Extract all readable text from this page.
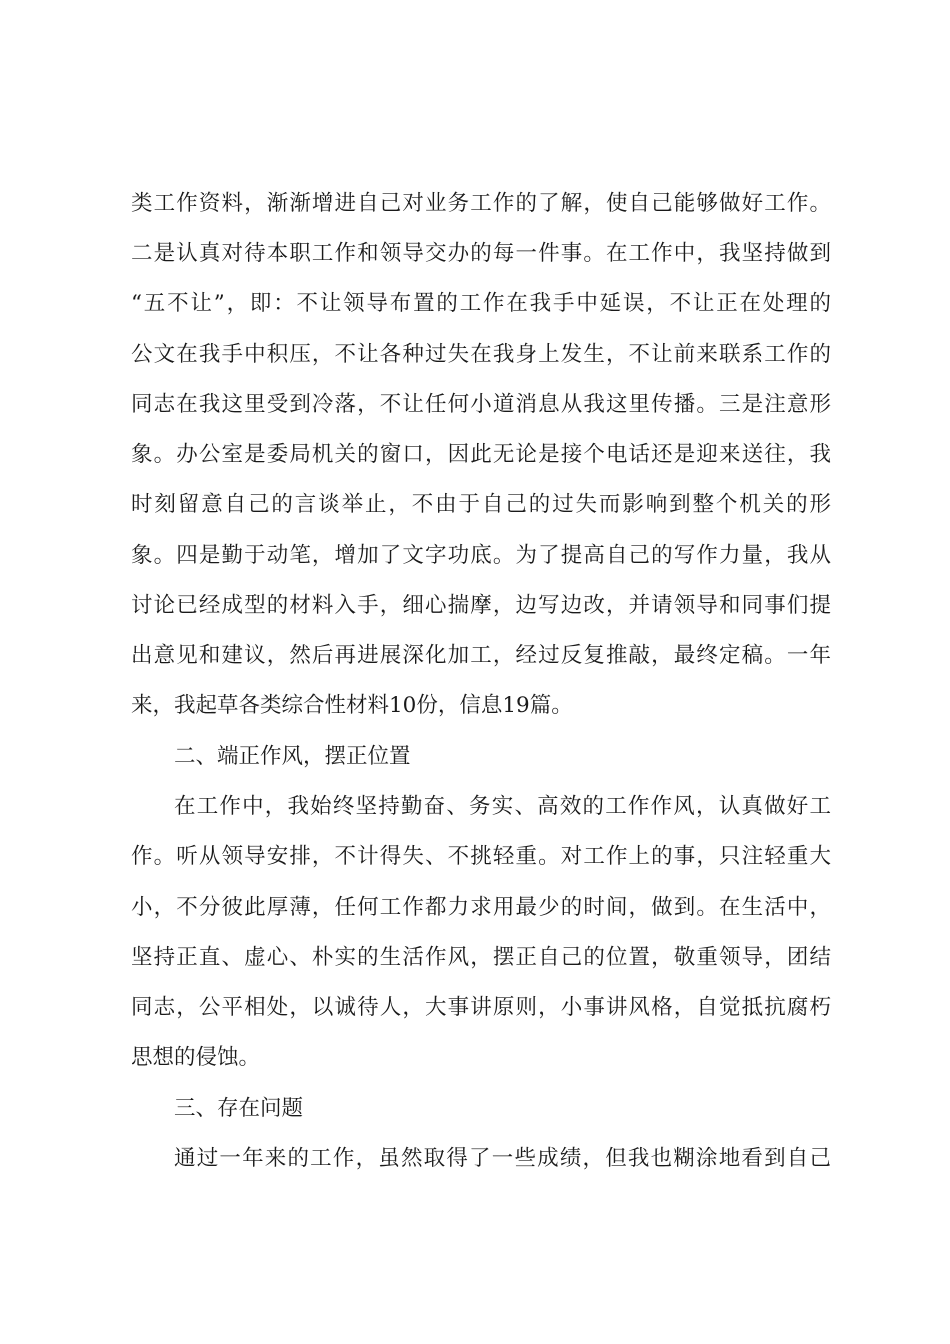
类工作资料，渐渐增进自己对业务工作的了解，使自己能够做好工作。
二是认真对待本职工作和领导交办的每一件事。在工作中，我坚持做到
“五不让”，即：不让领导布置的工作在我手中延误，不让正在处理的
公文在我手中积压，不让各种过失在我身上发生，不让前来联系工作的
同志在我这里受到冷落，不让任何小道消息从我这里传播。三是注意形
象。办公室是委局机关的窗口，因此无论是接个电话还是迎来送往，我
时刻留意自己的言谈举止，不由于自己的过失而影响到整个机关的形
象。四是勤于动笔，增加了文字功底。为了提高自己的写作力量，我从
讨论已经成型的材料入手，细心揣摩，边写边改，并请领导和同事们提
出意见和建议，然后再进展深化加工，经过反复推敲，最终定稿。一年
来，我起草各类综合性材料10份，信息19篇。
二、端正作风，摆正位置
在工作中，我始终坚持勤奋、务实、高效的工作作风，认真做好工
作。听从领导安排，不计得失、不挑轻重。对工作上的事，只注轻重大
小，不分彼此厚薄，任何工作都力求用最少的时间，做到。在生活中，
坚持正直、虚心、朴实的生活作风，摆正自己的位置，敬重领导，团结
同志，公平相处，以诚待人，大事讲原则，小事讲风格，自觉抵抗腐朽
思想的侵蚀。
三、存在问题
通过一年来的工作，虽然取得了一些成绩，但我也糊涂地看到自己
